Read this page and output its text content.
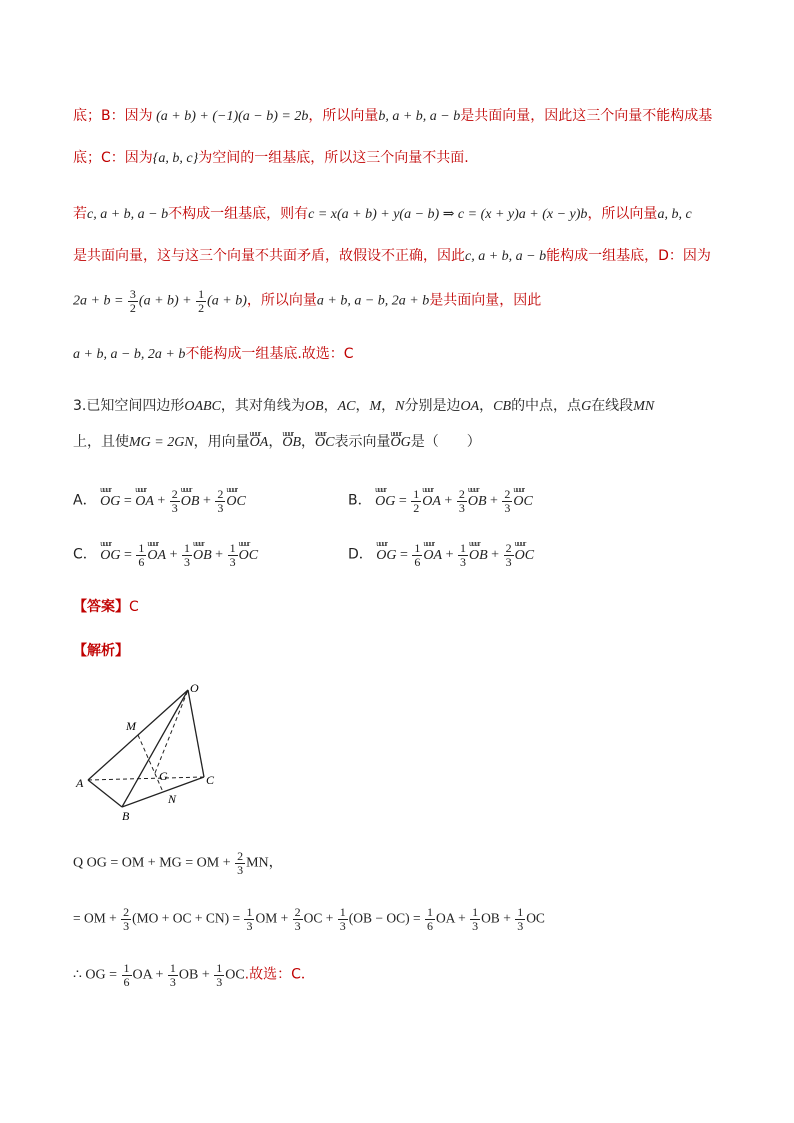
底；B：因为 (a + b) + (−1)(a − b) = 2b，所以向量b, a + b, a − b是共面向量，因此这三个向量不能构成基
底；C：因为{a, b, c}为空间的一组基底，所以这三个向量不共面.
若c, a + b, a − b不构成一组基底，则有c = x(a + b) + y(a − b) ⇒ c = (x + y)a + (x − y)b，所以向量a, b, c
是共面向量，这与这三个向量不共面矛盾，故假设不正确，因此c, a + b, a − b能构成一组基底，D：因为
$2a + b = \frac{3}{2} (a + b) + \frac{1}{2} (a + b)$，所以向量a + b, a − b, 2a + b是共面向量，因此
a + b, a − b, 2a + b不能构成一组基底.故选：C
3.已知空间四边形OABC，其对角线为OB，AC，M，N分别是边OA，CB的中点，点G在线段MN
上，且使MG = 2GN，用向量uuur OA，uuur OB，uuur OC表示向量uuur OG是（　　）
A． uuur OG = uuur OA + $\frac{2}{3}$ uuur OB + $\frac{2}{3}$ uuur OC	B． uuur OG = $\frac{1}{2}$ uuur OA + $\frac{2}{3}$ uuur OB + $\frac{2}{3}$ uuur OC
C． uuur OG = $\frac{1}{6}$ uuur OA + $\frac{1}{3}$ uuur OB + $\frac{1}{3}$ uuur OC	D． uuur OG = $\frac{1}{6}$ uuur OA + $\frac{1}{3}$ uuur OB + $\frac{2}{3}$ uuur OC
【答案】C
【解析】
O
M
A	G	C
N
B
Q OG = OM + MG = OM + $\frac{2}{3}$ MN，
= OM + $\frac{2}{3} (MO$ + OC + $CN) = \frac{1}{3}$ OM + $\frac{2}{3}$ OC + $\frac{1}{3} (OB - OC) = \frac{1}{6}$ OA + $\frac{1}{3}$ OB + $\frac{1}{3}$ OC
∴ OG = $\frac{1}{6}$ OA + $\frac{1}{3}$ OB + $\frac{1}{3}$ OC.故选：C．
